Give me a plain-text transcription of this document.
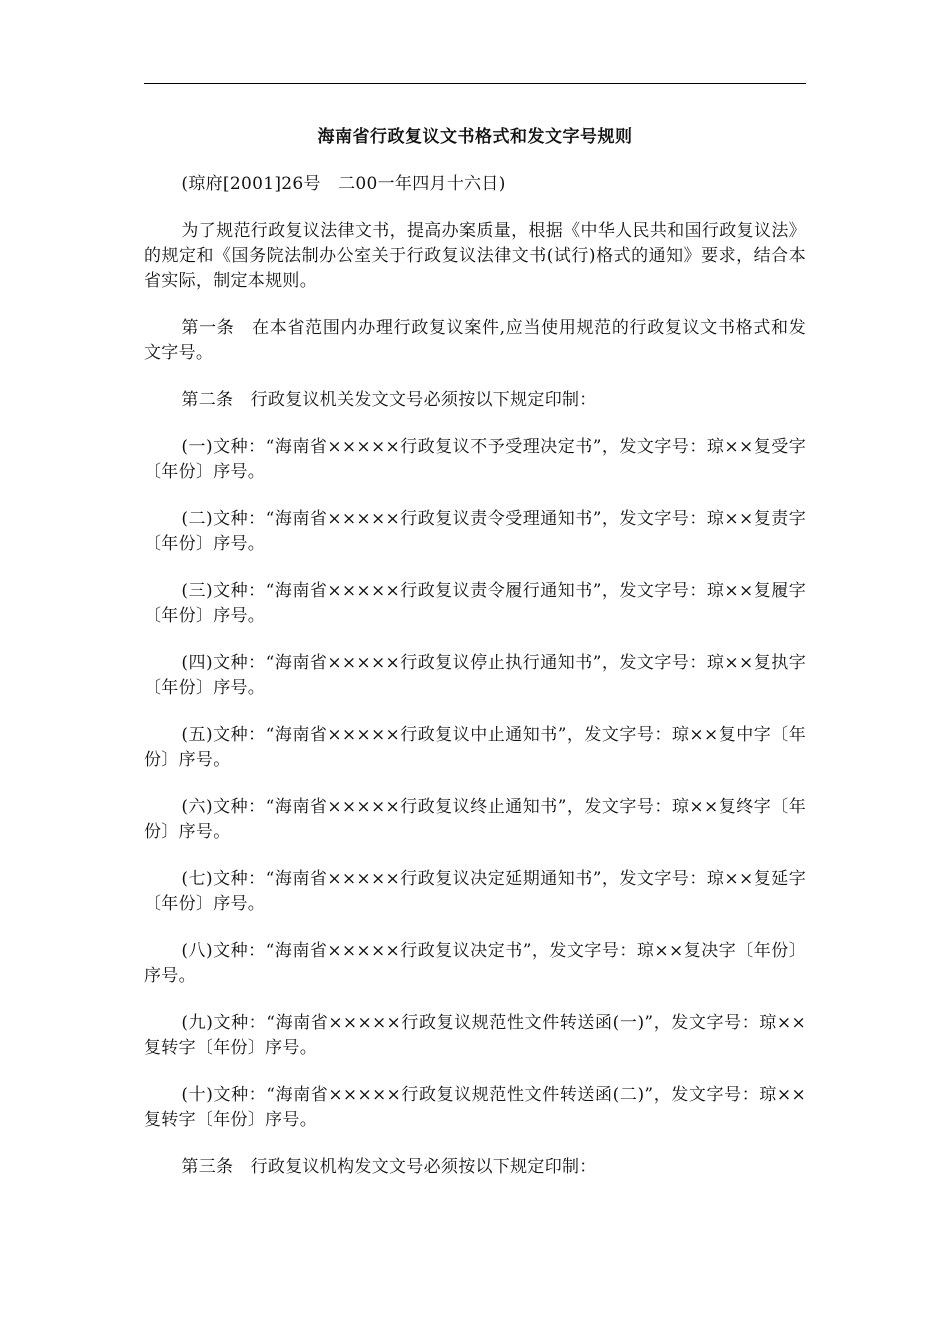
海南省行政复议文书格式和发文字号规则

(琼府[2001]26号　二00一年四月十六日)

为了规范行政复议法律文书，提高办案质量，根据《中华人民共和国行政复议法》的规定和《国务院法制办公室关于行政复议法律文书(试行)格式的通知》要求，结合本省实际，制定本规则。

第一条　在本省范围内办理行政复议案件,应当使用规范的行政复议文书格式和发文字号。

第二条　行政复议机关发文文号必须按以下规定印制：

(一)文种：“海南省×××××行政复议不予受理决定书”，发文字号：琼××复受字〔年份〕序号。

(二)文种：“海南省×××××行政复议责令受理通知书”，发文字号：琼××复责字〔年份〕序号。

(三)文种：“海南省×××××行政复议责令履行通知书”，发文字号：琼××复履字〔年份〕序号。

(四)文种：“海南省×××××行政复议停止执行通知书”，发文字号：琼××复执字〔年份〕序号。

(五)文种：“海南省×××××行政复议中止通知书”，发文字号：琼××复中字〔年份〕序号。

(六)文种：“海南省×××××行政复议终止通知书”，发文字号：琼××复终字〔年份〕序号。

(七)文种：“海南省×××××行政复议决定延期通知书”，发文字号：琼××复延字〔年份〕序号。

(八)文种：“海南省×××××行政复议决定书”，发文字号：琼××复决字〔年份〕序号。

(九)文种：“海南省×××××行政复议规范性文件转送函(一)”，发文字号：琼××复转字〔年份〕序号。

(十)文种：“海南省×××××行政复议规范性文件转送函(二)”，发文字号：琼××复转字〔年份〕序号。

第三条　行政复议机构发文文号必须按以下规定印制：
